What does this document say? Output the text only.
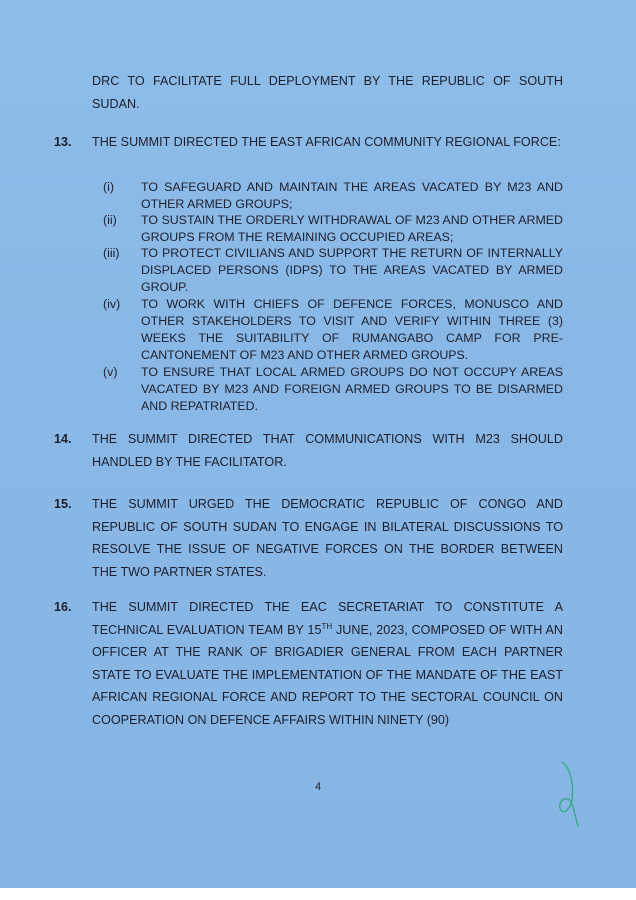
DRC TO FACILITATE FULL DEPLOYMENT BY THE REPUBLIC OF SOUTH SUDAN.
13. THE SUMMIT DIRECTED THE EAST AFRICAN COMMUNITY REGIONAL FORCE:
(i) TO SAFEGUARD AND MAINTAIN THE AREAS VACATED BY M23 AND OTHER ARMED GROUPS;
(ii) TO SUSTAIN THE ORDERLY WITHDRAWAL OF M23 AND OTHER ARMED GROUPS FROM THE REMAINING OCCUPIED AREAS;
(iii) TO PROTECT CIVILIANS AND SUPPORT THE RETURN OF INTERNALLY DISPLACED PERSONS (IDPS) TO THE AREAS VACATED BY ARMED GROUP.
(iv) TO WORK WITH CHIEFS OF DEFENCE FORCES, MONUSCO AND OTHER STAKEHOLDERS TO VISIT AND VERIFY WITHIN THREE (3) WEEKS THE SUITABILITY OF RUMANGABO CAMP FOR PRE-CANTONEMENT OF M23 AND OTHER ARMED GROUPS.
(v) TO ENSURE THAT LOCAL ARMED GROUPS DO NOT OCCUPY AREAS VACATED BY M23 AND FOREIGN ARMED GROUPS TO BE DISARMED AND REPATRIATED.
14. THE SUMMIT DIRECTED THAT COMMUNICATIONS WITH M23 SHOULD HANDLED BY THE FACILITATOR.
15. THE SUMMIT URGED THE DEMOCRATIC REPUBLIC OF CONGO AND REPUBLIC OF SOUTH SUDAN TO ENGAGE IN BILATERAL DISCUSSIONS TO RESOLVE THE ISSUE OF NEGATIVE FORCES ON THE BORDER BETWEEN THE TWO PARTNER STATES.
16. THE SUMMIT DIRECTED THE EAC SECRETARIAT TO CONSTITUTE A TECHNICAL EVALUATION TEAM BY 15TH JUNE, 2023, COMPOSED OF WITH AN OFFICER AT THE RANK OF BRIGADIER GENERAL FROM EACH PARTNER STATE TO EVALUATE THE IMPLEMENTATION OF THE MANDATE OF THE EAST AFRICAN REGIONAL FORCE AND REPORT TO THE SECTORAL COUNCIL ON COOPERATION ON DEFENCE AFFAIRS WITHIN NINETY (90)
4
